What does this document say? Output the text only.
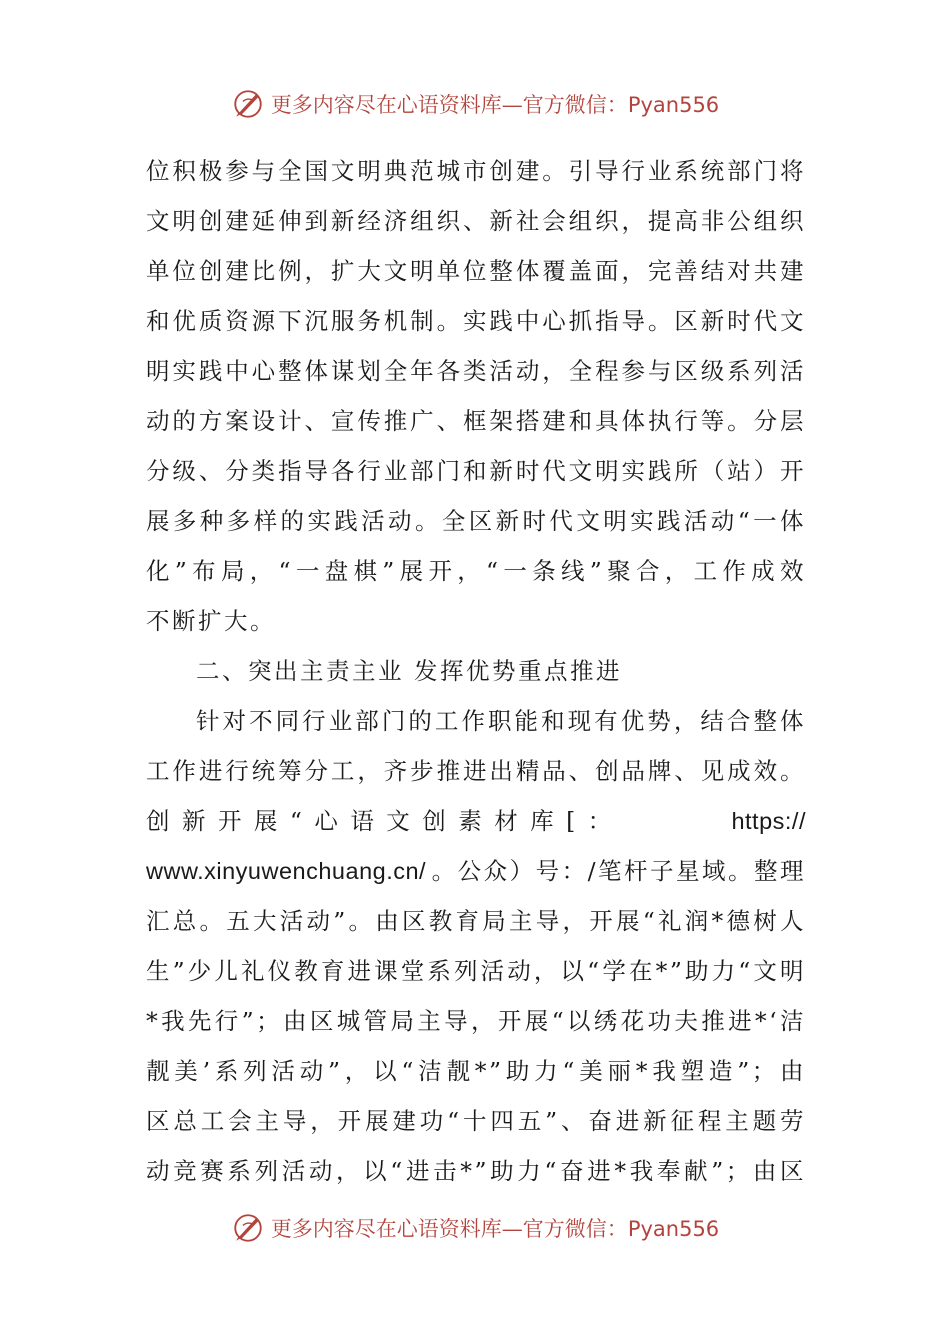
更多内容尽在心语资料库—官方微信：Pyan556
位积极参与全国文明典范城市创建。引导行业系统部门将
文明创建延伸到新经济组织、新社会组织，提高非公组织
单位创建比例，扩大文明单位整体覆盖面，完善结对共建
和优质资源下沉服务机制。实践中心抓指导。区新时代文
明实践中心整体谋划全年各类活动，全程参与区级系列活
动的方案设计、宣传推广、框架搭建和具体执行等。分层
分级、分类指导各行业部门和新时代文明实践所（站）开
展多种多样的实践活动。全区新时代文明实践活动“一体
化”布局，“一盘棋”展开，“一条线”聚合，工作成效
不断扩大。
二、突出主责主业 发挥优势重点推进
针对不同行业部门的工作职能和现有优势，结合整体
工作进行统筹分工，齐步推进出精品、创品牌、见成效。
创 新 开 展 “ 心 语 文 创 素 材 库 [ ：	https://
www.xinyuwenchuang.cn/ 。公众）号：/笔杆子星域。整理
汇总。五大活动”。由区教育局主导，开展“礼润*德树人
生”少儿礼仪教育进课堂系列活动，以“学在*”助力“文明
*我先行”；由区城管局主导，开展“以绣花功夫推进*‘洁
靓美’系列活动”，以“洁靓*”助力“美丽*我塑造”；由
区总工会主导，开展建功“十四五”、奋进新征程主题劳
动竞赛系列活动，以“进击*”助力“奋进*我奉献”；由区
更多内容尽在心语资料库—官方微信：Pyan556
